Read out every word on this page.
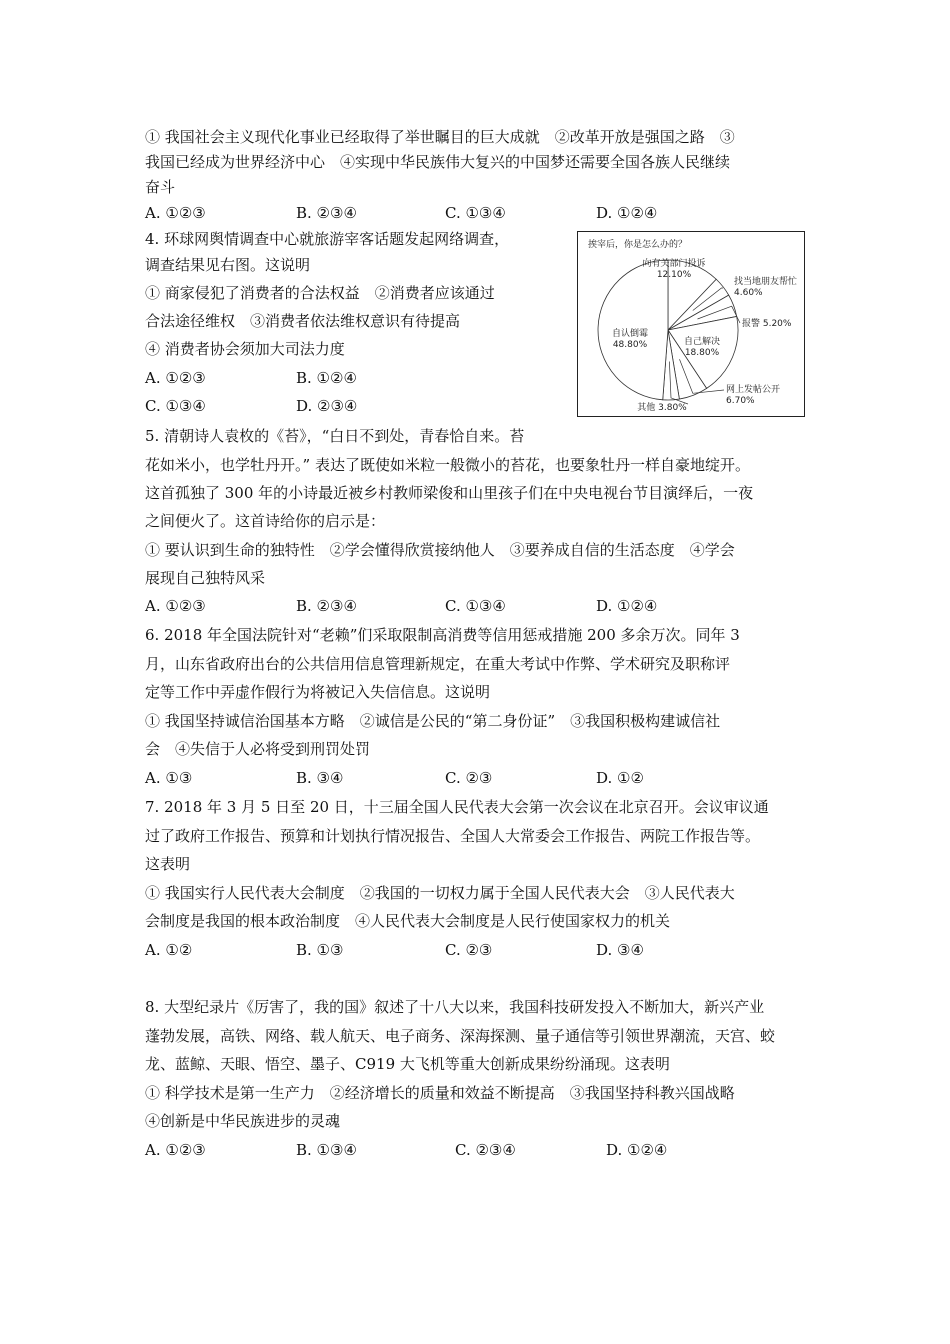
① 我国社会主义现代化事业已经取得了举世瞩目的巨大成就　②改革开放是强国之路　③
我国已经成为世界经济中心　④实现中华民族伟大复兴的中国梦还需要全国各族人民继续
奋斗
A. ①②③	B. ②③④	C. ①③④	D. ①②④
4. 环球网舆情调查中心就旅游宰客话题发起网络调查，
调查结果见右图。这说明
① 商家侵犯了消费者的合法权益　②消费者应该通过
合法途径维权　③消费者依法维权意识有待提高
④ 消费者协会须加大司法力度
A. ①②③	B. ①②④
C. ①③④	D. ②③④
挨宰后，你是怎么办的？
向有关部门投诉
12.10%
找当地朋友帮忙
4.60%
报警 5.20%
自己解决
18.80%
网上发帖公开
6.70%
其他 3.80%
自认倒霉
48.80%
5. 清朝诗人袁枚的《苔》，“白日不到处，青春恰自来。苔
花如米小，也学牡丹开。” 表达了既使如米粒一般微小的苔花，也要象牡丹一样自豪地绽开。
这首孤独了 300 年的小诗最近被乡村教师梁俊和山里孩子们在中央电视台节目演绎后，一夜
之间便火了。这首诗给你的启示是：
① 要认识到生命的独特性　②学会懂得欣赏接纳他人　③要养成自信的生活态度　④学会
展现自己独特风采
A. ①②③	B. ②③④	C. ①③④	D. ①②④
6. 2018 年全国法院针对“老赖”们采取限制高消费等信用惩戒措施 200 多余万次。同年 3
月，山东省政府出台的公共信用信息管理新规定，在重大考试中作弊、学术研究及职称评
定等工作中弄虚作假行为将被记入失信信息。这说明
① 我国坚持诚信治国基本方略　②诚信是公民的“第二身份证”　③我国积极构建诚信社
会　④失信于人必将受到刑罚处罚
A. ①③	B. ③④	C. ②③	D. ①②
7. 2018 年 3 月 5 日至 20 日，十三届全国人民代表大会第一次会议在北京召开。会议审议通
过了政府工作报告、预算和计划执行情况报告、全国人大常委会工作报告、两院工作报告等。
这表明
① 我国实行人民代表大会制度　②我国的一切权力属于全国人民代表大会　③人民代表大
会制度是我国的根本政治制度　④人民代表大会制度是人民行使国家权力的机关
A. ①②	B. ①③	C. ②③	D. ③④
8. 大型纪录片《厉害了，我的国》叙述了十八大以来，我国科技研发投入不断加大，新兴产业
蓬勃发展，高铁、网络、载人航天、电子商务、深海探测、量子通信等引领世界潮流，天宫、蛟
龙、蓝鲸、天眼、悟空、墨子、C919 大飞机等重大创新成果纷纷涌现。这表明
① 科学技术是第一生产力　②经济增长的质量和效益不断提高　③我国坚持科教兴国战略
④创新是中华民族进步的灵魂
A. ①②③	B. ①③④	C. ②③④	D. ①②④
